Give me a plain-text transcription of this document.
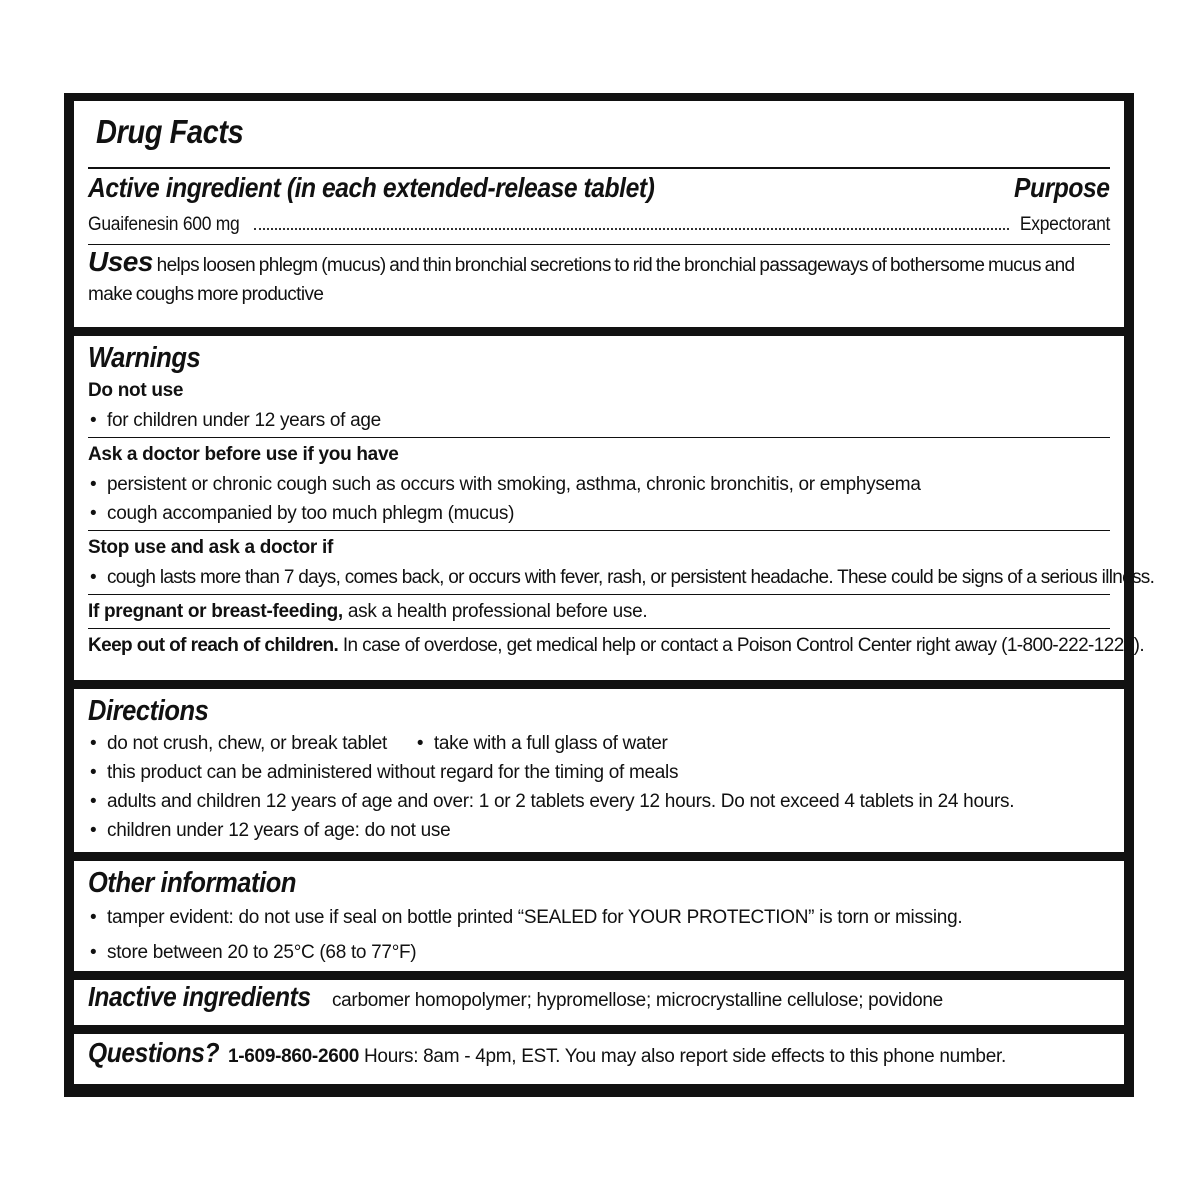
Drug Facts
Active ingredient (in each extended-release tablet)	Purpose
Guaifenesin 600 mg	Expectorant
Uses helps loosen phlegm (mucus) and thin bronchial secretions to rid the bronchial passageways of bothersome mucus and make coughs more productive
Warnings
Do not use
• for children under 12 years of age
Ask a doctor before use if you have
• persistent or chronic cough such as occurs with smoking, asthma, chronic bronchitis, or emphysema
• cough accompanied by too much phlegm (mucus)
Stop use and ask a doctor if
• cough lasts more than 7 days, comes back, or occurs with fever, rash, or persistent headache. These could be signs of a serious illness.
If pregnant or breast-feeding, ask a health professional before use.
Keep out of reach of children. In case of overdose, get medical help or contact a Poison Control Center right away (1-800-222-1222).
Directions
• do not crush, chew, or break tablet  • take with a full glass of water
• this product can be administered without regard for the timing of meals
• adults and children 12 years of age and over: 1 or 2 tablets every 12 hours. Do not exceed 4 tablets in 24 hours.
• children under 12 years of age: do not use
Other information
• tamper evident: do not use if seal on bottle printed “SEALED for YOUR PROTECTION” is torn or missing.
• store between 20 to 25°C (68 to 77°F)
Inactive ingredients carbomer homopolymer; hypromellose; microcrystalline cellulose; povidone
Questions? 1-609-860-2600 Hours: 8am - 4pm, EST. You may also report side effects to this phone number.
